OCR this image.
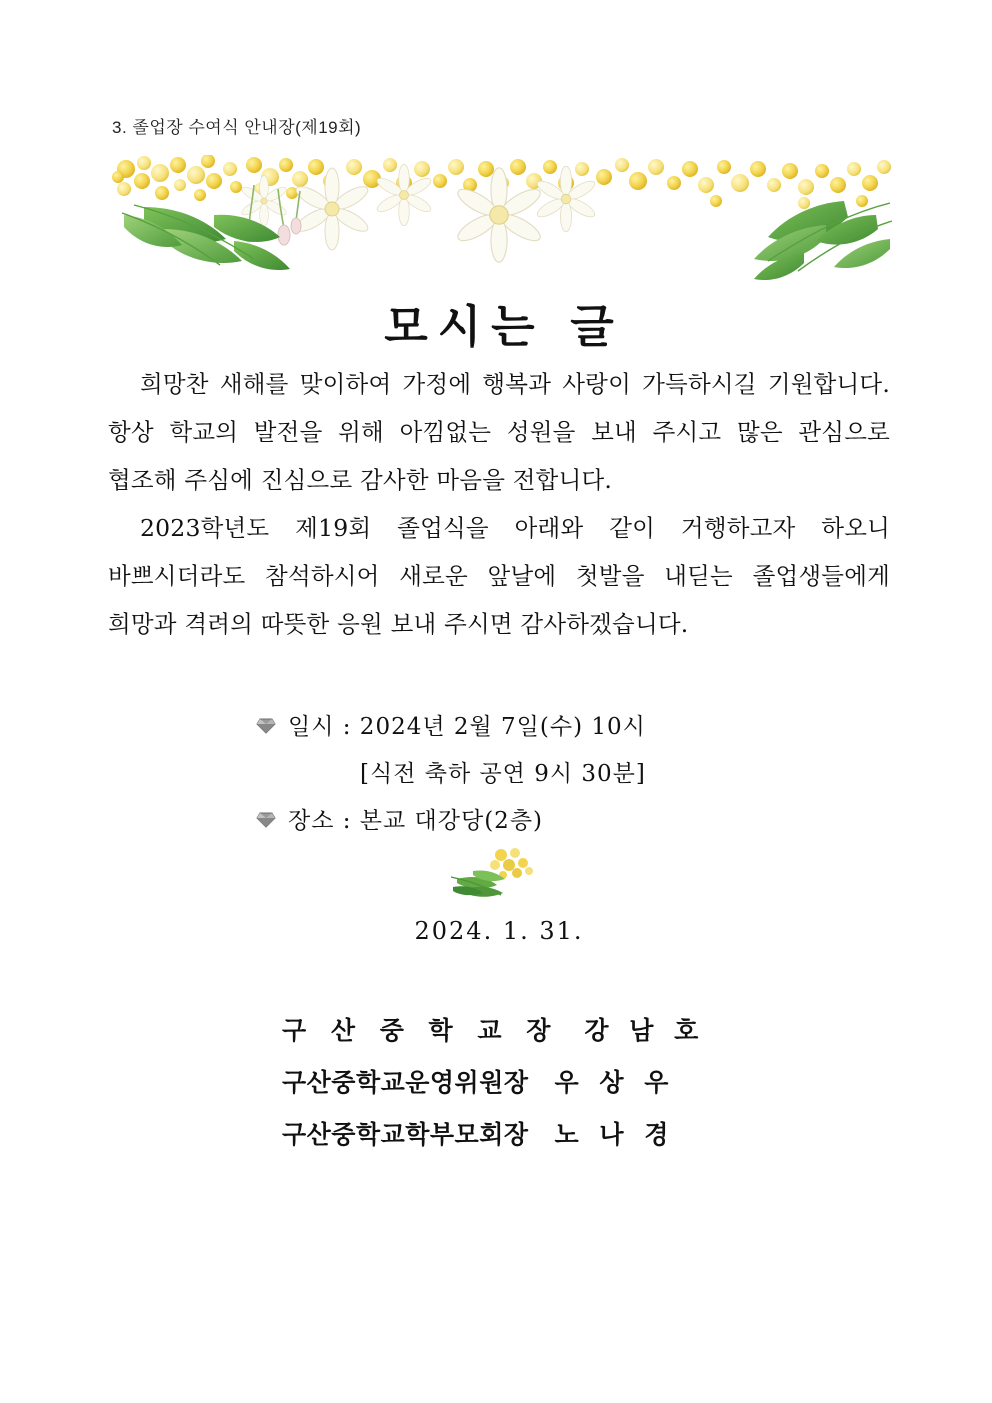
3. 졸업장 수여식 안내장(제19회)
모시는 글

희망찬 새해를 맞이하여 가정에 행복과 사랑이 가득하시길 기원합니다. 항상 학교의 발전을 위해 아낌없는 성원을 보내 주시고 많은 관심으로 협조해 주심에 진심으로 감사한 마음을 전합니다.

2023학년도 제19회 졸업식을 아래와 같이 거행하고자 하오니 바쁘시더라도 참석하시어 새로운 앞날에 첫발을 내딛는 졸업생들에게 희망과 격려의 따뜻한 응원 보내 주시면 감사하겠습니다.

일시 : 2024년 2월 7일(수) 10시
[식전 축하 공연 9시 30분]
장소 : 본교 대강당(2층)
2024. 1. 31.
구 산 중 학 교 장 강 남 호
구산중학교운영위원장 우 상 우
구산중학교학부모회장 노 나 경
